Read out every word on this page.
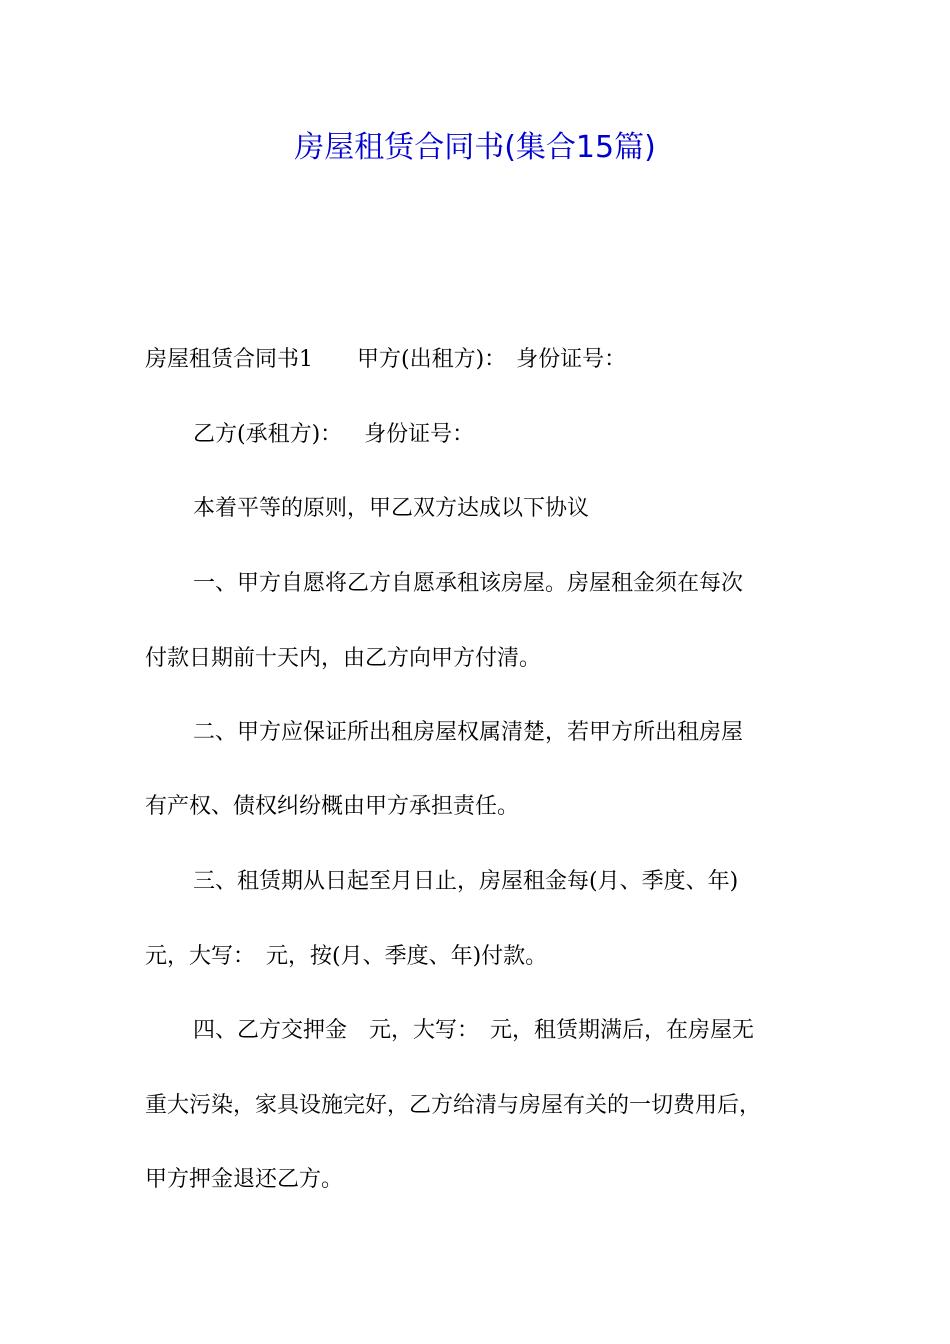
房屋租赁合同书(集合15篇)
房屋租赁合同书1 甲方(出租方)： 身份证号：
乙方(承租方)： 身份证号：
本着平等的原则，甲乙双方达成以下协议
一、甲方自愿将乙方自愿承租该房屋。房屋租金须在每次
付款日期前十天内，由乙方向甲方付清。
二、甲方应保证所出租房屋权属清楚，若甲方所出租房屋
有产权、债权纠纷概由甲方承担责任。
三、租赁期从日起至月日止，房屋租金每(月、季度、年)
元，大写：　元，按(月、季度、年)付款。
四、乙方交押金　元，大写：　元，租赁期满后，在房屋无
重大污染，家具设施完好，乙方给清与房屋有关的一切费用后，
甲方押金退还乙方。
